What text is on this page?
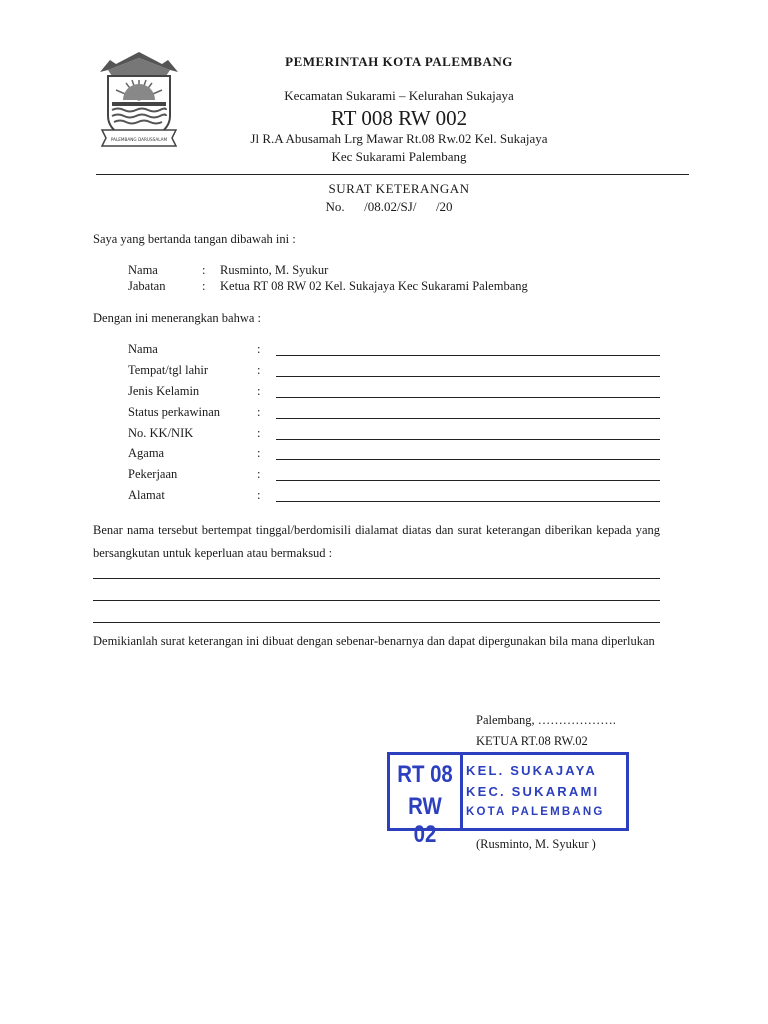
PALEMBANG DARUSSALAM
PEMERINTAH KOTA PALEMBANG
Kecamatan Sukarami – Kelurahan Sukajaya
RT 008 RW 002
Jl R.A Abusamah Lrg Mawar Rt.08 Rw.02 Kel. Sukajaya
Kec Sukarami Palembang
SURAT KETERANGAN
No.      /08.02/SJ/      /20
Saya yang bertanda tangan dibawah ini :
Nama	: Rusminto, M. Syukur
Jabatan	: Ketua RT 08 RW 02 Kel. Sukajaya Kec Sukarami Palembang
Dengan ini menerangkan bahwa :
Nama	:
Tempat/tgl lahir	:
Jenis Kelamin	:
Status perkawinan	:
No. KK/NIK	:
Agama	:
Pekerjaan	:
Alamat	:
Benar nama tersebut bertempat tinggal/berdomisili dialamat diatas dan surat keterangan diberikan kepada yang bersangkutan untuk keperluan atau bermaksud :
Demikianlah surat keterangan ini dibuat dengan sebenar-benarnya dan dapat dipergunakan bila mana diperlukan
Palembang, ……………….
KETUA RT.08 RW.02
RT 08
RW 02
KEL. SUKAJAYA
KEC. SUKARAMI
KOTA PALEMBANG
(Rusminto, M. Syukur )
